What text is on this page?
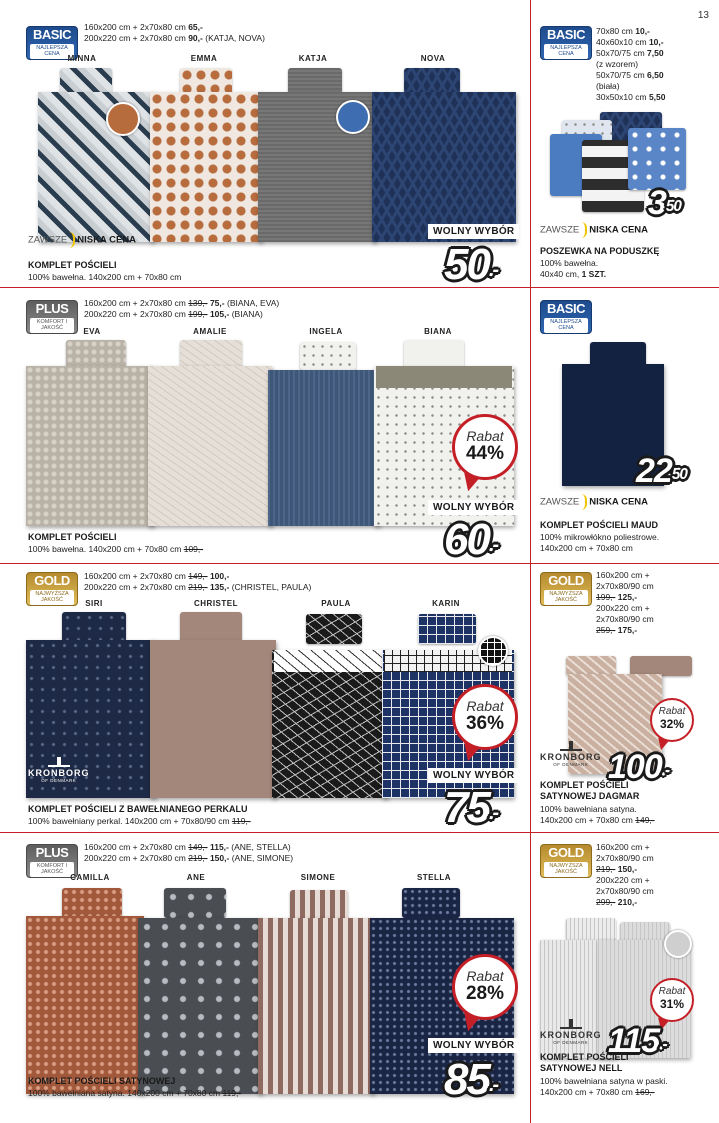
13
BASIC
NAJLEPSZA CENA
160x200 cm + 2x70x80 cm 65,-
200x220 cm + 2x70x80 cm 90,- (KATJA, NOVA)
MINNA	EMMA	KATJA	NOVA
ZAWSZE NISKA CENA
WOLNY WYBÓR
50.-
KOMPLET POŚCIELI
100% bawełna. 140x200 cm + 70x80 cm
BASIC
NAJLEPSZA CENA
70x80 cm 10,-
40x60x10 cm 10,-
50x70/75 cm 7,50
(z wzorem)
50x70/75 cm 6,50
(biała)
30x50x10 cm 5,50
$3^{50}$
ZAWSZE NISKA CENA
POSZEWKA NA PODUSZKĘ
100% bawełna.
40x40 cm, 1 SZT.
PLUS
KOMFORT I JAKOŚĆ
160x200 cm + 2x70x80 cm 139,- 75,- (BIANA, EVA)
200x220 cm + 2x70x80 cm 199,- 105,- (BIANA)
EVA	AMALIE	INGELA	BIANA
Rabat
44%
WOLNY WYBÓR
60.-
KOMPLET POŚCIELI
100% bawełna. 140x200 cm + 70x80 cm 109,-
BASIC
NAJLEPSZA CENA
$22^{50}$
ZAWSZE NISKA CENA
KOMPLET POŚCIELI MAUD
100% mikrowłókno poliestrowe.
140x200 cm + 70x80 cm
GOLD
NAJWYŻSZA JAKOŚĆ
160x200 cm + 2x70x80 cm 149,- 100,-
200x220 cm + 2x70x80 cm 219,- 135,- (CHRISTEL, PAULA)
SIRI	CHRISTEL	PAULA	KARIN
KRONBORG
OF DENMARK
Rabat
36%
WOLNY WYBÓR
75.-
KOMPLET POŚCIELI Z BAWEŁNIANEGO PERKALU
100% bawełniany perkal. 140x200 cm + 70x80/90 cm 119,-
GOLD
NAJWYŻSZA JAKOŚĆ
160x200 cm +
2x70x80/90 cm
199,- 125,-
200x220 cm +
2x70x80/90 cm
259,- 175,-
Rabat
32%
KRONBORG
OF DENMARK 100.-
KOMPLET POŚCIELI
SATYNOWEJ DAGMAR
100% bawełniana satyna.
140x200 cm + 70x80 cm 149,-
PLUS
KOMFORT I JAKOŚĆ
160x200 cm + 2x70x80 cm 149,- 115,- (ANE, STELLA)
200x220 cm + 2x70x80 cm 219,- 150,- (ANE, SIMONE)
CAMILLA	ANE	SIMONE	STELLA
Rabat
28%
WOLNY WYBÓR
85.-
KOMPLET POŚCIELI SATYNOWEJ
100% bawełniana satyna. 140x200 cm + 70x80 cm 119,-
GOLD
NAJWYŻSZA JAKOŚĆ
160x200 cm +
2x70x80/90 cm
219,- 150,-
200x220 cm +
2x70x80/90 cm
299,- 210,-
Rabat
31%
KRONBORG
OF DENMARK 115.-
KOMPLET POŚCIELI
SATYNOWEJ NELL
100% bawełniana satyna w paski.
140x200 cm + 70x80 cm 169,-
